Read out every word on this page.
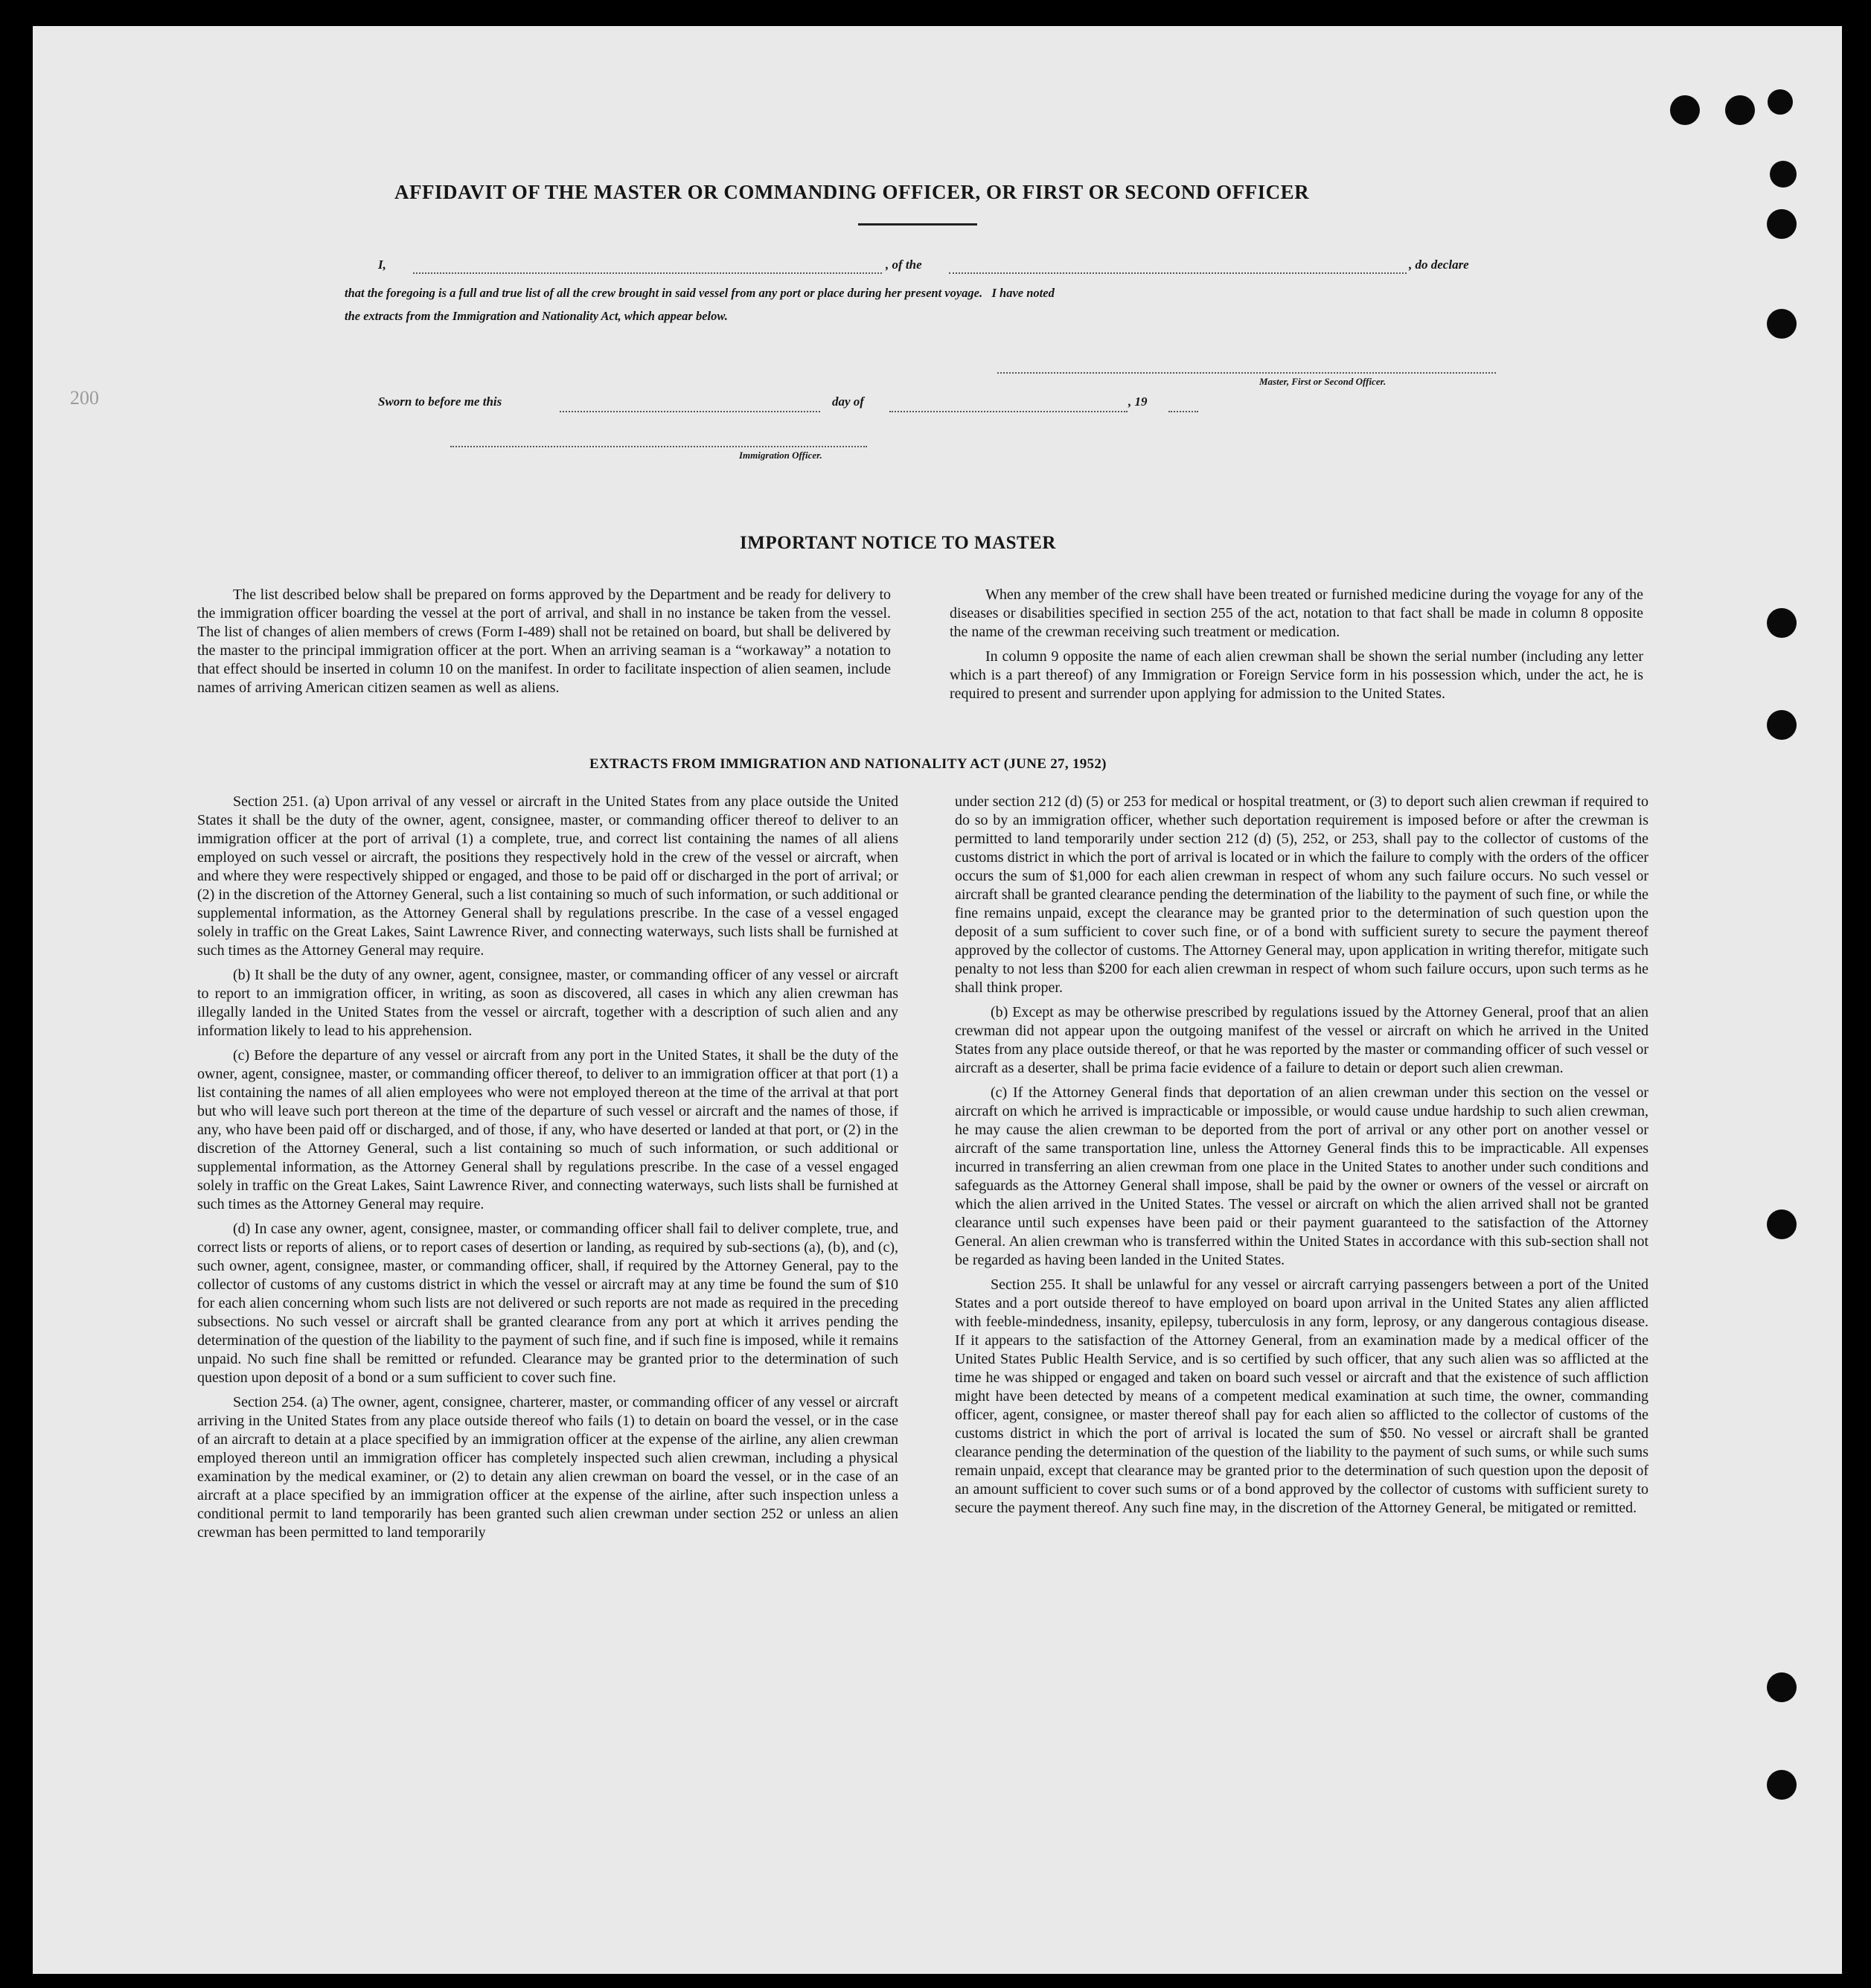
200
AFFIDAVIT OF THE MASTER OR COMMANDING OFFICER, OR FIRST OR SECOND OFFICER
I,	, of the	, do declare
that the foregoing is a full and true list of all the crew brought in said vessel from any port or place during her present voyage.   I have noted
the extracts from the Immigration and Nationality Act, which appear below.
Master, First or Second Officer.
Sworn to before me this	day of	, 19
Immigration Officer.
IMPORTANT NOTICE TO MASTER

The list described below shall be prepared on forms approved by the Department and be ready for delivery to the immigration officer boarding the vessel at the port of arrival, and shall in no instance be taken from the vessel. The list of changes of alien members of crews (Form I-489) shall not be retained on board, but shall be delivered by the master to the principal immigration officer at the port. When an arriving seaman is a “workaway” a notation to that effect should be inserted in column 10 on the manifest. In order to facilitate inspection of alien seamen, include names of arriving American citizen seamen as well as aliens.

When any member of the crew shall have been treated or furnished medicine during the voyage for any of the diseases or disabilities specified in section 255 of the act, notation to that fact shall be made in column 8 opposite the name of the crewman receiving such treatment or medication.

In column 9 opposite the name of each alien crewman shall be shown the serial number (including any letter which is a part thereof) of any Immigration or Foreign Service form in his possession which, under the act, he is required to present and surrender upon applying for admission to the United States.

EXTRACTS FROM IMMIGRATION AND NATIONALITY ACT (JUNE 27, 1952)

Section 251. (a) Upon arrival of any vessel or aircraft in the United States from any place outside the United States it shall be the duty of the owner, agent, consignee, master, or commanding officer thereof to deliver to an immigration officer at the port of arrival (1) a complete, true, and correct list containing the names of all aliens employed on such vessel or aircraft, the positions they respectively hold in the crew of the vessel or aircraft, when and where they were respectively shipped or engaged, and those to be paid off or discharged in the port of arrival; or (2) in the discretion of the Attorney General, such a list containing so much of such information, or such additional or supplemental information, as the Attorney General shall by regulations prescribe. In the case of a vessel engaged solely in traffic on the Great Lakes, Saint Lawrence River, and connecting waterways, such lists shall be furnished at such times as the Attorney General may require.

(b) It shall be the duty of any owner, agent, consignee, master, or commanding officer of any vessel or aircraft to report to an immigration officer, in writing, as soon as discovered, all cases in which any alien crewman has illegally landed in the United States from the vessel or aircraft, together with a description of such alien and any information likely to lead to his apprehension.

(c) Before the departure of any vessel or aircraft from any port in the United States, it shall be the duty of the owner, agent, consignee, master, or commanding officer thereof, to deliver to an immigration officer at that port (1) a list containing the names of all alien employees who were not employed thereon at the time of the arrival at that port but who will leave such port thereon at the time of the departure of such vessel or aircraft and the names of those, if any, who have been paid off or discharged, and of those, if any, who have deserted or landed at that port, or (2) in the discretion of the Attorney General, such a list containing so much of such information, or such additional or supplemental information, as the Attorney General shall by regulations prescribe. In the case of a vessel engaged solely in traffic on the Great Lakes, Saint Lawrence River, and connecting waterways, such lists shall be furnished at such times as the Attorney General may require.

(d) In case any owner, agent, consignee, master, or commanding officer shall fail to deliver complete, true, and correct lists or reports of aliens, or to report cases of desertion or landing, as required by sub-sections (a), (b), and (c), such owner, agent, consignee, master, or commanding officer, shall, if required by the Attorney General, pay to the collector of customs of any customs district in which the vessel or aircraft may at any time be found the sum of $10 for each alien concerning whom such lists are not delivered or such reports are not made as required in the preceding subsections. No such vessel or aircraft shall be granted clearance from any port at which it arrives pending the determination of the question of the liability to the payment of such fine, and if such fine is imposed, while it remains unpaid. No such fine shall be remitted or refunded. Clearance may be granted prior to the determination of such question upon deposit of a bond or a sum sufficient to cover such fine.

Section 254. (a) The owner, agent, consignee, charterer, master, or commanding officer of any vessel or aircraft arriving in the United States from any place outside thereof who fails (1) to detain on board the vessel, or in the case of an aircraft to detain at a place specified by an immigration officer at the expense of the airline, any alien crewman employed thereon until an immigration officer has completely inspected such alien crewman, including a physical examination by the medical examiner, or (2) to detain any alien crewman on board the vessel, or in the case of an aircraft at a place specified by an immigration officer at the expense of the airline, after such inspection unless a conditional permit to land temporarily has been granted such alien crewman under section 252 or unless an alien crewman has been permitted to land temporarily

under section 212 (d) (5) or 253 for medical or hospital treatment, or (3) to deport such alien crewman if required to do so by an immigration officer, whether such deportation requirement is imposed before or after the crewman is permitted to land temporarily under section 212 (d) (5), 252, or 253, shall pay to the collector of customs of the customs district in which the port of arrival is located or in which the failure to comply with the orders of the officer occurs the sum of $1,000 for each alien crewman in respect of whom any such failure occurs. No such vessel or aircraft shall be granted clearance pending the determination of the liability to the payment of such fine, or while the fine remains unpaid, except the clearance may be granted prior to the determination of such question upon the deposit of a sum sufficient to cover such fine, or of a bond with sufficient surety to secure the payment thereof approved by the collector of customs. The Attorney General may, upon application in writing therefor, mitigate such penalty to not less than $200 for each alien crewman in respect of whom such failure occurs, upon such terms as he shall think proper.

(b) Except as may be otherwise prescribed by regulations issued by the Attorney General, proof that an alien crewman did not appear upon the outgoing manifest of the vessel or aircraft on which he arrived in the United States from any place outside thereof, or that he was reported by the master or commanding officer of such vessel or aircraft as a deserter, shall be prima facie evidence of a failure to detain or deport such alien crewman.

(c) If the Attorney General finds that deportation of an alien crewman under this section on the vessel or aircraft on which he arrived is impracticable or impossible, or would cause undue hardship to such alien crewman, he may cause the alien crewman to be deported from the port of arrival or any other port on another vessel or aircraft of the same transportation line, unless the Attorney General finds this to be impracticable. All expenses incurred in transferring an alien crewman from one place in the United States to another under such conditions and safeguards as the Attorney General shall impose, shall be paid by the owner or owners of the vessel or aircraft on which the alien arrived in the United States. The vessel or aircraft on which the alien arrived shall not be granted clearance until such expenses have been paid or their payment guaranteed to the satisfaction of the Attorney General. An alien crewman who is transferred within the United States in accordance with this sub-section shall not be regarded as having been landed in the United States.

Section 255. It shall be unlawful for any vessel or aircraft carrying passengers between a port of the United States and a port outside thereof to have employed on board upon arrival in the United States any alien afflicted with feeble-mindedness, insanity, epilepsy, tuberculosis in any form, leprosy, or any dangerous contagious disease. If it appears to the satisfaction of the Attorney General, from an examination made by a medical officer of the United States Public Health Service, and is so certified by such officer, that any such alien was so afflicted at the time he was shipped or engaged and taken on board such vessel or aircraft and that the existence of such affliction might have been detected by means of a competent medical examination at such time, the owner, commanding officer, agent, consignee, or master thereof shall pay for each alien so afflicted to the collector of customs of the customs district in which the port of arrival is located the sum of $50. No vessel or aircraft shall be granted clearance pending the determination of the question of the liability to the payment of such sums, or while such sums remain unpaid, except that clearance may be granted prior to the determination of such question upon the deposit of an amount sufficient to cover such sums or of a bond approved by the collector of customs with sufficient surety to secure the payment thereof. Any such fine may, in the discretion of the Attorney General, be mitigated or remitted.
